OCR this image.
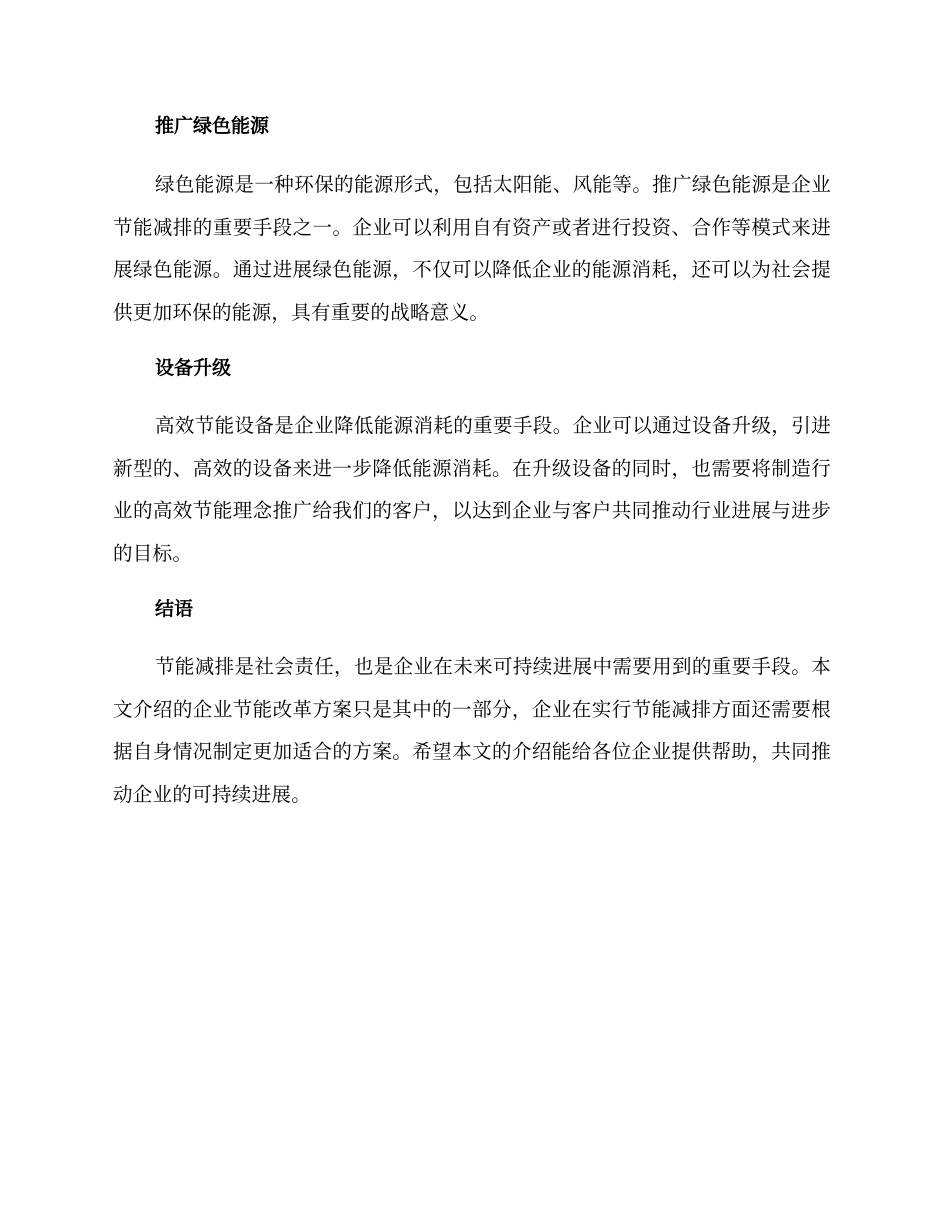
推广绿色能源

绿色能源是一种环保的能源形式，包括太阳能、风能等。推广绿色能源是企业节能减排的重要手段之一。企业可以利用自有资产或者进行投资、合作等模式来进展绿色能源。通过进展绿色能源，不仅可以降低企业的能源消耗，还可以为社会提供更加环保的能源，具有重要的战略意义。

设备升级

高效节能设备是企业降低能源消耗的重要手段。企业可以通过设备升级，引进新型的、高效的设备来进一步降低能源消耗。在升级设备的同时，也需要将制造行业的高效节能理念推广给我们的客户，以达到企业与客户共同推动行业进展与进步的目标。

结语

节能减排是社会责任，也是企业在未来可持续进展中需要用到的重要手段。本文介绍的企业节能改革方案只是其中的一部分，企业在实行节能减排方面还需要根据自身情况制定更加适合的方案。希望本文的介绍能给各位企业提供帮助，共同推动企业的可持续进展。
